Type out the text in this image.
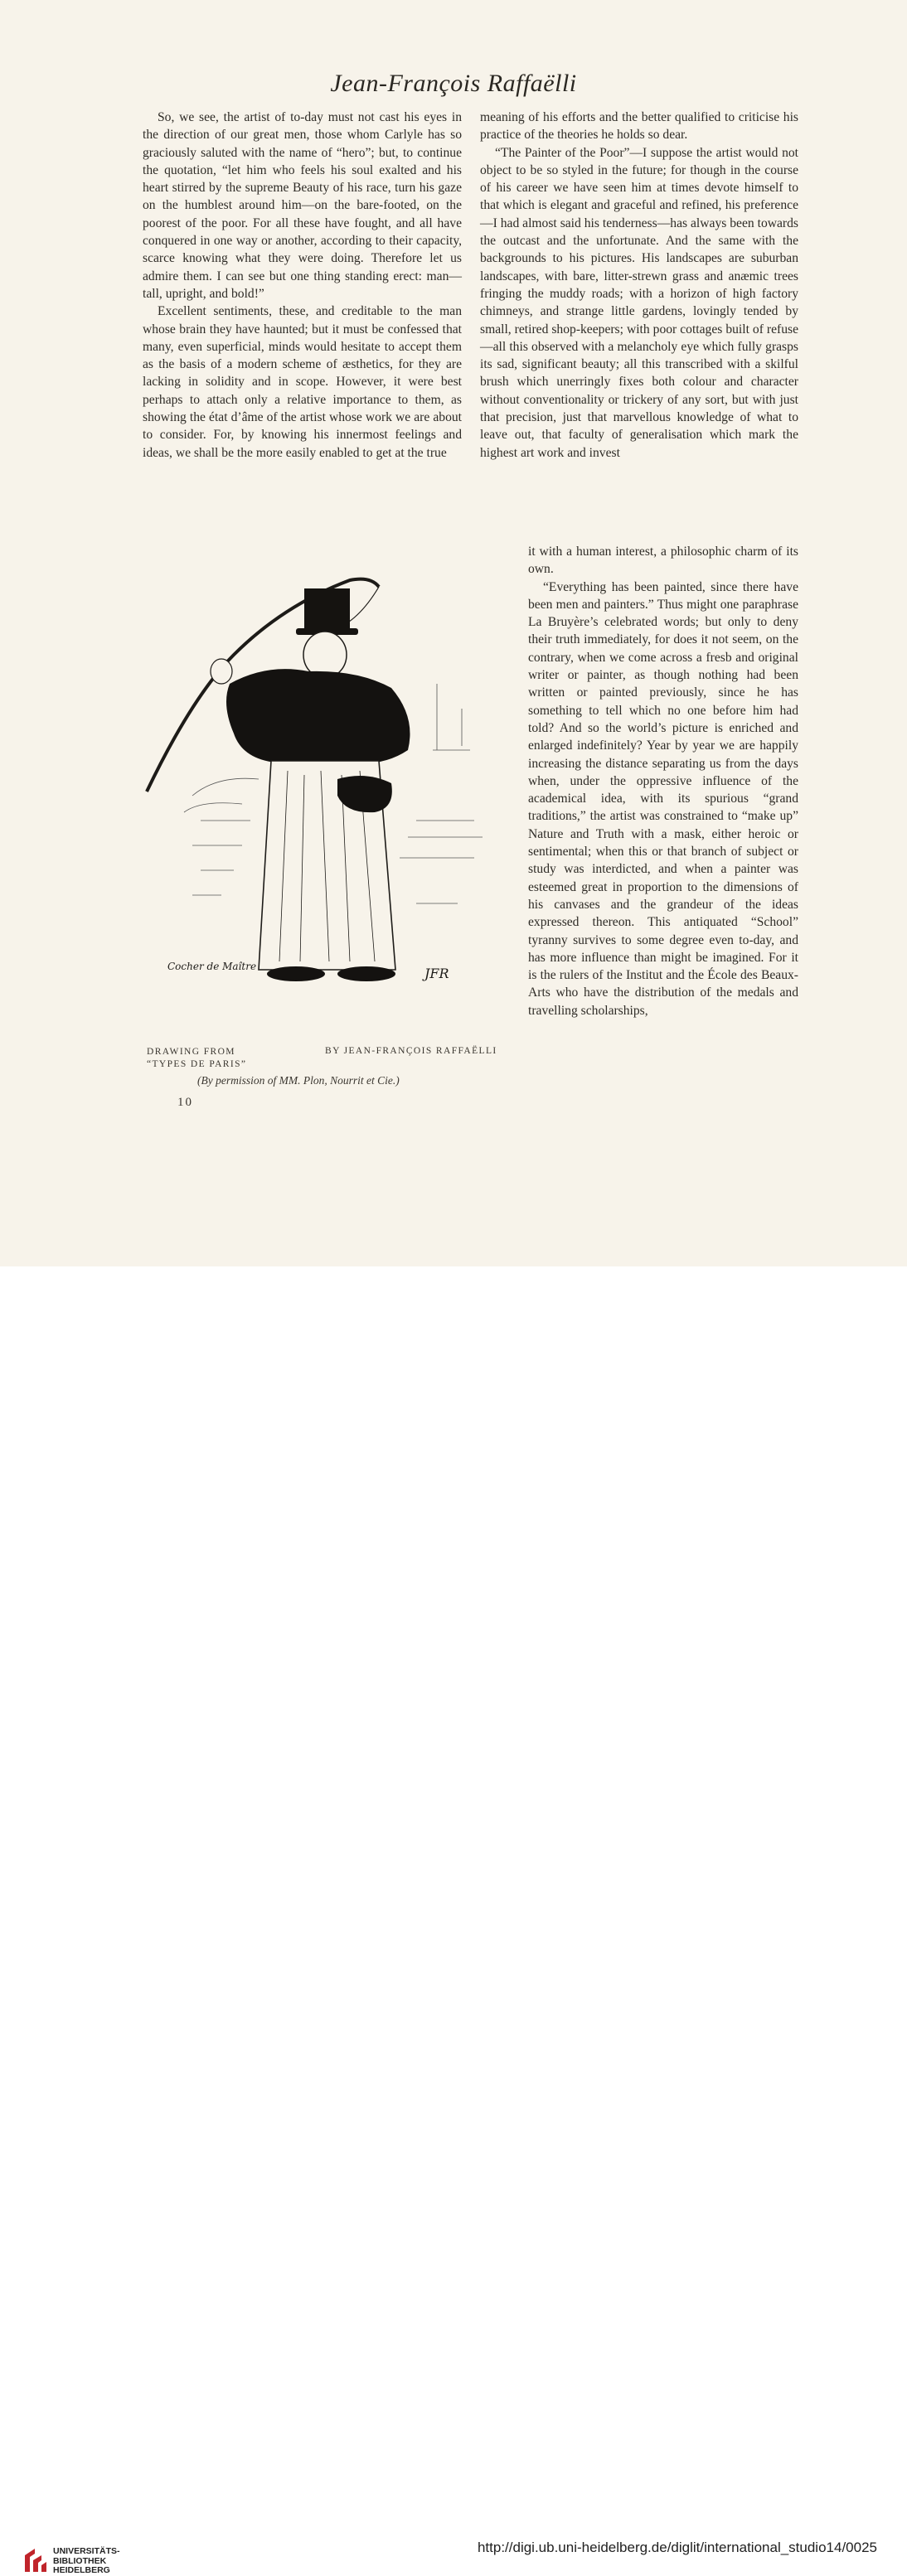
Jean-François Raffaëlli

So, we see, the artist of to-day must not cast his eyes in the direction of our great men, those whom Carlyle has so graciously saluted with the name of “hero”; but, to continue the quotation, “let him who feels his soul exalted and his heart stirred by the supreme Beauty of his race, turn his gaze on the humblest around him—on the bare-footed, on the poorest of the poor. For all these have fought, and all have conquered in one way or another, according to their capacity, scarce knowing what they were doing. Therefore let us admire them. I can see but one thing standing erect: man—tall, upright, and bold!”

Excellent sentiments, these, and creditable to the man whose brain they have haunted; but it must be confessed that many, even superficial, minds would hesitate to accept them as the basis of a modern scheme of æsthetics, for they are lacking in solidity and in scope. However, it were best perhaps to attach only a relative importance to them, as showing the état d’âme of the artist whose work we are about to consider. For, by knowing his innermost feelings and ideas, we shall be the more easily enabled to get at the true

meaning of his efforts and the better qualified to criticise his practice of the theories he holds so dear.

“The Painter of the Poor”—I suppose the artist would not object to be so styled in the future; for though in the course of his career we have seen him at times devote himself to that which is elegant and graceful and refined, his preference—I had almost said his tenderness—has always been towards the outcast and the unfortunate. And the same with the backgrounds to his pictures. His landscapes are suburban landscapes, with bare, litter-strewn grass and anæmic trees fringing the muddy roads; with a horizon of high factory chimneys, and strange little gardens, lovingly tended by small, retired shop-keepers; with poor cottages built of refuse—all this observed with a melancholy eye which fully grasps its sad, significant beauty; all this transcribed with a skilful brush which unerringly fixes both colour and character without conventionality or trickery of any sort, but with just that precision, just that marvellous knowledge of what to leave out, that faculty of generalisation which mark the highest art work and invest

it with a human interest, a philosophic charm of its own.

“Everything has been painted, since there have been men and painters.” Thus might one paraphrase La Bruyère’s celebrated words; but only to deny their truth immediately, for does it not seem, on the contrary, when we come across a fresb and original writer or painter, as though nothing had been written or painted previously, since he has something to tell which no one before him had told? And so the world’s picture is enriched and enlarged indefinitely? Year by year we are happily increasing the distance separating us from the days when, under the oppressive influence of the academical idea, with its spurious “grand traditions,” the artist was constrained to “make up” Nature and Truth with a mask, either heroic or sentimental; when this or that branch of subject or study was interdicted, and when a painter was esteemed great in proportion to the dimensions of his canvases and the grandeur of the ideas expressed thereon. This antiquated “School” tyranny survives to some degree even to-day, and has more influence than might be imagined. For it is the rulers of the Institut and the École des Beaux-Arts who have the distribution of the medals and travelling scholarships,

Cocher de Maître	JFR
DRAWING FROM
“TYPES DE PARIS”
BY JEAN-FRANÇOIS RAFFAËLLI
(By permission of MM. Plon, Nourrit et Cie.)
10
UNIVERSITÄTS-
BIBLIOTHEK
HEIDELBERG
http://digi.ub.uni-heidelberg.de/diglit/international_studio14/0025
